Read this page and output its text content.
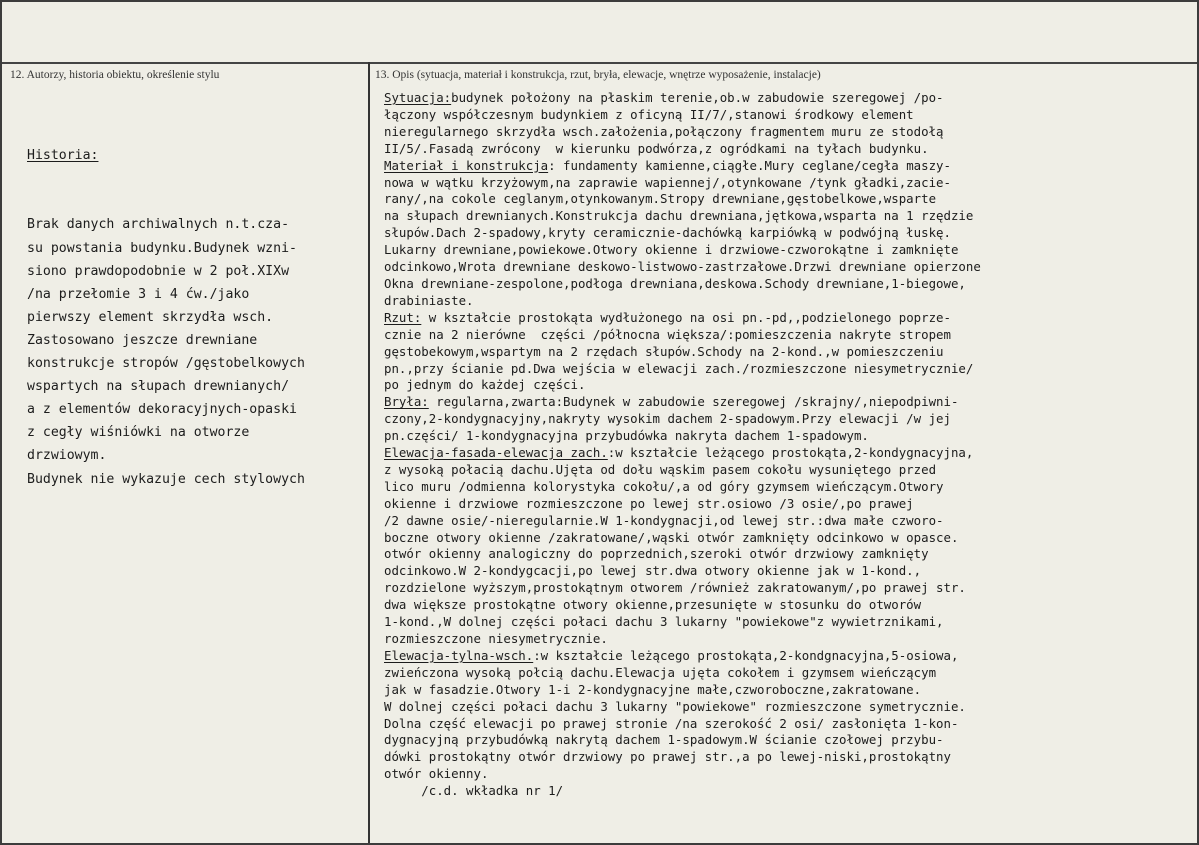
12. Autorzy, historia obiektu, określenie stylu	13. Opis (sytuacja, materiał i konstrukcja, rzut, bryła, elewacje, wnętrze wyposażenie, instalacje)

Historia:

Brak danych archiwalnych n.t.cza-
su powstania budynku.Budynek wzni-
siono prawdopodobnie w 2 poł.XIXw
/na przełomie 3 i 4 ćw./jako
pierwszy element skrzydła wsch.
Zastosowano jeszcze drewniane
konstrukcje stropów /gęstobelkowych
wspartych na słupach drewnianych/
a z elementów dekoracyjnych-opaski
z cegły wiśniówki na otworze
drzwiowym.
Budynek nie wykazuje cech stylowych
Sytuacja:budynek położony na płaskim terenie,ob.w zabudowie szeregowej /po-
łączony współczesnym budynkiem z oficyną II/7/,stanowi środkowy element
nieregularnego skrzydła wsch.założenia,połączony fragmentem muru ze stodołą
II/5/.Fasadą zwrócony  w kierunku podwórza,z ogródkami na tyłach budynku.
Materiał i konstrukcja: fundamenty kamienne,ciągłe.Mury ceglane/cegła maszy-
nowa w wątku krzyżowym,na zaprawie wapiennej/,otynkowane /tynk gładki,zacie-
rany/,na cokole ceglanym,otynkowanym.Stropy drewniane,gęstobelkowe,wsparte
na słupach drewnianych.Konstrukcja dachu drewniana,jętkowa,wsparta na 1 rzędzie
słupów.Dach 2-spadowy,kryty ceramicznie-dachówką karpiówką w podwójną łuskę.
Lukarny drewniane,powiekowe.Otwory okienne i drzwiowe-czworokątne i zamknięte
odcinkowo,Wrota drewniane deskowo-listwowo-zastrzałowe.Drzwi drewniane opierzone
Okna drewniane-zespolone,podłoga drewniana,deskowa.Schody drewniane,1-biegowe,
drabiniaste.
Rzut: w kształcie prostokąta wydłużonego na osi pn.-pd,,podzielonego poprze-
cznie na 2 nierówne  części /północna większa/:pomieszczenia nakryte stropem
gęstobekowym,wspartym na 2 rzędach słupów.Schody na 2-kond.,w pomieszczeniu
pn.,przy ścianie pd.Dwa wejścia w elewacji zach./rozmieszczone niesymetrycznie/
po jednym do każdej części.
Bryła: regularna,zwarta:Budynek w zabudowie szeregowej /skrajny/,niepodpiwni-
czony,2-kondygnacyjny,nakryty wysokim dachem 2-spadowym.Przy elewacji /w jej
pn.części/ 1-kondygnacyjna przybudówka nakryta dachem 1-spadowym.
Elewacja-fasada-elewacja zach.:w kształcie leżącego prostokąta,2-kondygnacyjna,
z wysoką połacią dachu.Ujęta od dołu wąskim pasem cokołu wysuniętego przed
lico muru /odmienna kolorystyka cokołu/,a od góry gzymsem wieńczącym.Otwory
okienne i drzwiowe rozmieszczone po lewej str.osiowo /3 osie/,po prawej
/2 dawne osie/-nieregularnie.W 1-kondygnacji,od lewej str.:dwa małe czworo-
boczne otwory okienne /zakratowane/,wąski otwór zamknięty odcinkowo w opasce.
otwór okienny analogiczny do poprzednich,szeroki otwór drzwiowy zamknięty
odcinkowo.W 2-kondygcacji,po lewej str.dwa otwory okienne jak w 1-kond.,
rozdzielone wyższym,prostokątnym otworem /również zakratowanym/,po prawej str.
dwa większe prostokątne otwory okienne,przesunięte w stosunku do otworów
1-kond.,W dolnej części połaci dachu 3 lukarny "powiekowe"z wywietrznikami,
rozmieszczone niesymetrycznie.
Elewacja-tylna-wsch.:w kształcie leżącego prostokąta,2-kondgnacyjna,5-osiowa,
zwieńczona wysoką połcią dachu.Elewacja ujęta cokołem i gzymsem wieńczącym
jak w fasadzie.Otwory 1-i 2-kondygnacyjne małe,czworoboczne,zakratowane.
W dolnej części połaci dachu 3 lukarny "powiekowe" rozmieszczone symetrycznie.
Dolna część elewacji po prawej stronie /na szerokość 2 osi/ zasłonięta 1-kon-
dygnacyjną przybudówką nakrytą dachem 1-spadowym.W ścianie czołowej przybu-
dówki prostokątny otwór drzwiowy po prawej str.,a po lewej-niski,prostokątny
otwór okienny.
/c.d. wkładka nr 1/
